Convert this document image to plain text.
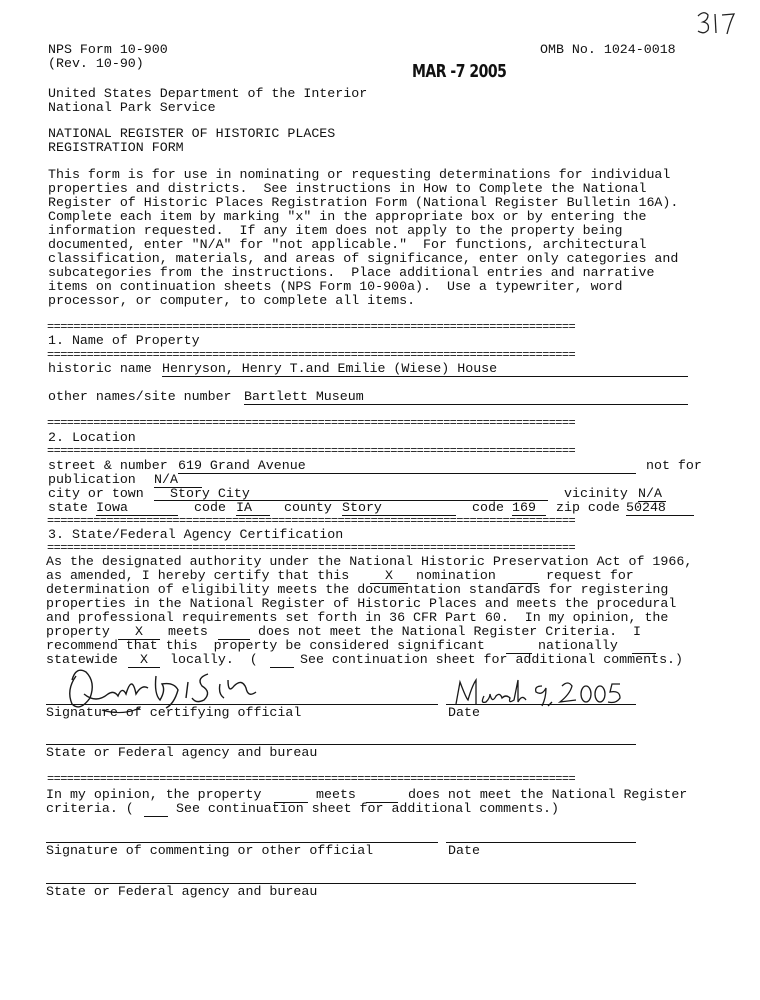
NPS Form 10-900
(Rev. 10-90)
OMB No. 1024-0018
MAR -7 2005
United States Department of the Interior
National Park Service
NATIONAL REGISTER OF HISTORIC PLACES
REGISTRATION FORM
This form is for use in nominating or requesting determinations for individual
properties and districts.  See instructions in How to Complete the National
Register of Historic Places Registration Form (National Register Bulletin 16A).
Complete each item by marking "x" in the appropriate box or by entering the
information requested.  If any item does not apply to the property being
documented, enter "N/A" for "not applicable."  For functions, architectural
classification, materials, and areas of significance, enter only categories and
subcategories from the instructions.  Place additional entries and narrative
items on continuation sheets (NPS Form 10-900a).  Use a typewriter, word
processor, or computer, to complete all items.
================================================================================
1. Name of Property
================================================================================
historic name Henryson, Henry T.and Emilie (Wiese) House
other names/site number Bartlett Museum
================================================================================
2. Location
================================================================================
street & number 619 Grand Avenue	not for
publication N/A
city or town	Story City	vicinity N/A
state Iowa	code IA	county Story	code 169	zip code 50248
================================================================================
3. State/Federal Agency Certification
================================================================================
As the designated authority under the National Historic Preservation Act of 1966,
as amended, I hereby certify that this	X	nomination	request for
determination of eligibility meets the documentation standards for registering
properties in the National Register of Historic Places and meets the procedural
and professional requirements set forth in 36 CFR Part 60.  In my opinion, the
property	X	meets	does not meet the National Register Criteria.  I
recommend that this  property be considered significant	nationally
statewide	X	locally.  (	See continuation sheet for additional comments.)
Signature of certifying official	Date
State or Federal agency and bureau
================================================================================
In my opinion, the property	meets	does not meet the National Register
criteria. (	See continuation sheet for additional comments.)
Signature of commenting or other official	Date
State or Federal agency and bureau
